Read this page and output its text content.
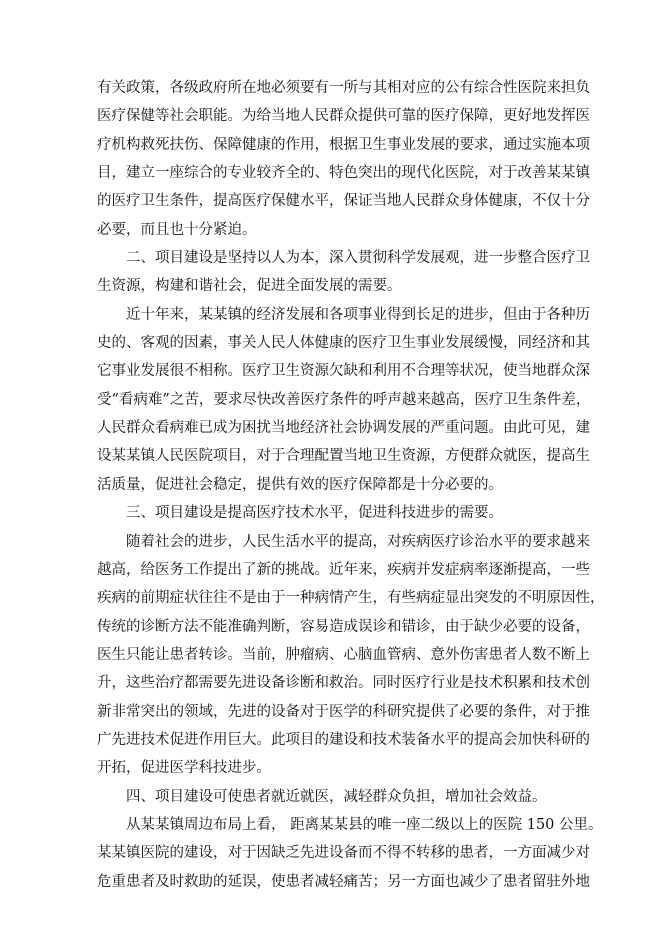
有关政策，各级政府所在地必须要有一所与其相对应的公有综合性医院来担负
医疗保健等社会职能。为给当地人民群众提供可靠的医疗保障，更好地发挥医
疗机构救死扶伤、保障健康的作用，根据卫生事业发展的要求，通过实施本项
目，建立一座综合的专业较齐全的、特色突出的现代化医院，对于改善某某镇
的医疗卫生条件，提高医疗保健水平，保证当地人民群众身体健康，不仅十分
必要，而且也十分紧迫。
二、项目建设是坚持以人为本，深入贯彻科学发展观，进一步整合医疗卫
生资源，构建和谐社会，促进全面发展的需要。
近十年来，某某镇的经济发展和各项事业得到长足的进步，但由于各种历
史的、客观的因素，事关人民人体健康的医疗卫生事业发展缓慢，同经济和其
它事业发展很不相称。医疗卫生资源欠缺和利用不合理等状况，使当地群众深
受“看病难”之苦，要求尽快改善医疗条件的呼声越来越高，医疗卫生条件差，
人民群众看病难已成为困扰当地经济社会协调发展的严重问题。由此可见，建
设某某镇人民医院项目，对于合理配置当地卫生资源，方便群众就医，提高生
活质量，促进社会稳定，提供有效的医疗保障都是十分必要的。
三、项目建设是提高医疗技术水平，促进科技进步的需要。
随着社会的进步，人民生活水平的提高，对疾病医疗诊治水平的要求越来
越高，给医务工作提出了新的挑战。近年来，疾病并发症病率逐渐提高，一些
疾病的前期症状往往不是由于一种病情产生，有些病症显出突发的不明原因性，
传统的诊断方法不能准确判断，容易造成误诊和错诊，由于缺少必要的设备，
医生只能让患者转诊。当前，肿瘤病、心脑血管病、意外伤害患者人数不断上
升，这些治疗都需要先进设备诊断和救治。同时医疗行业是技术积累和技术创
新非常突出的领域，先进的设备对于医学的科研究提供了必要的条件，对于推
广先进技术促进作用巨大。此项目的建设和技术装备水平的提高会加快科研的
开拓，促进医学科技进步。
四、项目建设可使患者就近就医，减轻群众负担，增加社会效益。
从某某镇周边布局上看， 距离某某县的唯一座二级以上的医院 150 公里。
某某镇医院的建设，对于因缺乏先进设备而不得不转移的患者，一方面减少对
危重患者及时救助的延误，使患者减轻痛苦；另一方面也减少了患者留驻外地
